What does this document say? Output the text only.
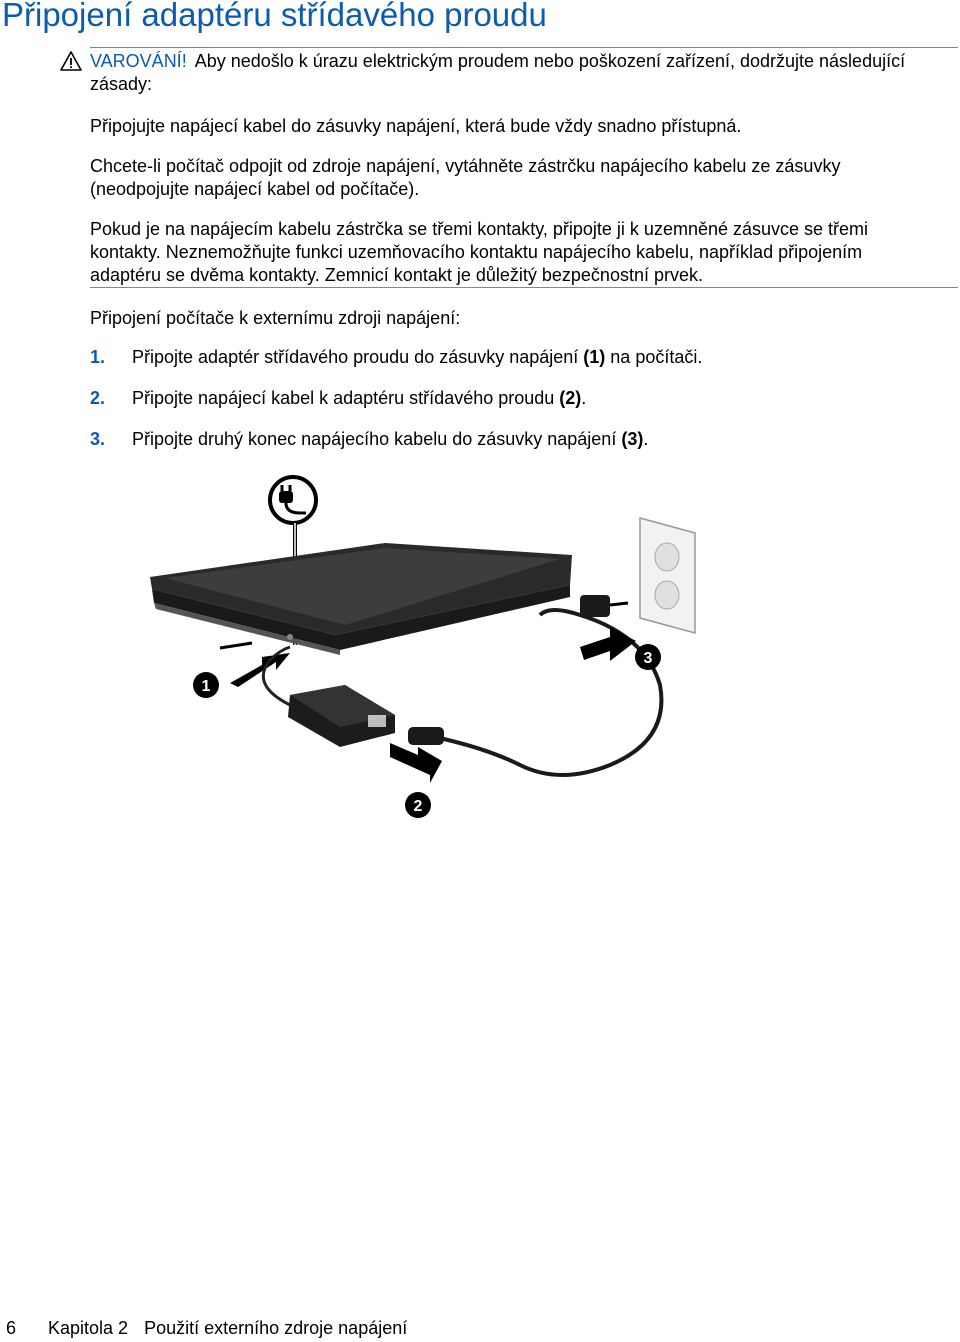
Připojení adaptéru střídavého proudu

VAROVÁNÍ! Aby nedošlo k úrazu elektrickým proudem nebo poškození zařízení, dodržujte následující zásady:

Připojujte napájecí kabel do zásuvky napájení, která bude vždy snadno přístupná.

Chcete-li počítač odpojit od zdroje napájení, vytáhněte zástrčku napájecího kabelu ze zásuvky (neodpojujte napájecí kabel od počítače).

Pokud je na napájecím kabelu zástrčka se třemi kontakty, připojte ji k uzemněné zásuvce se třemi kontakty. Neznemožňujte funkci uzemňovacího kontaktu napájecího kabelu, například připojením adaptéru se dvěma kontakty. Zemnicí kontakt je důležitý bezpečnostní prvek.

Připojení počítače k externímu zdroji napájení:

1. Připojte adaptér střídavého proudu do zásuvky napájení (1) na počítači.
2. Připojte napájecí kabel k adaptéru střídavého proudu (2).
3. Připojte druhý konec napájecího kabelu do zásuvky napájení (3).
1
2
3
6 Kapitola 2 Použití externího zdroje napájení
